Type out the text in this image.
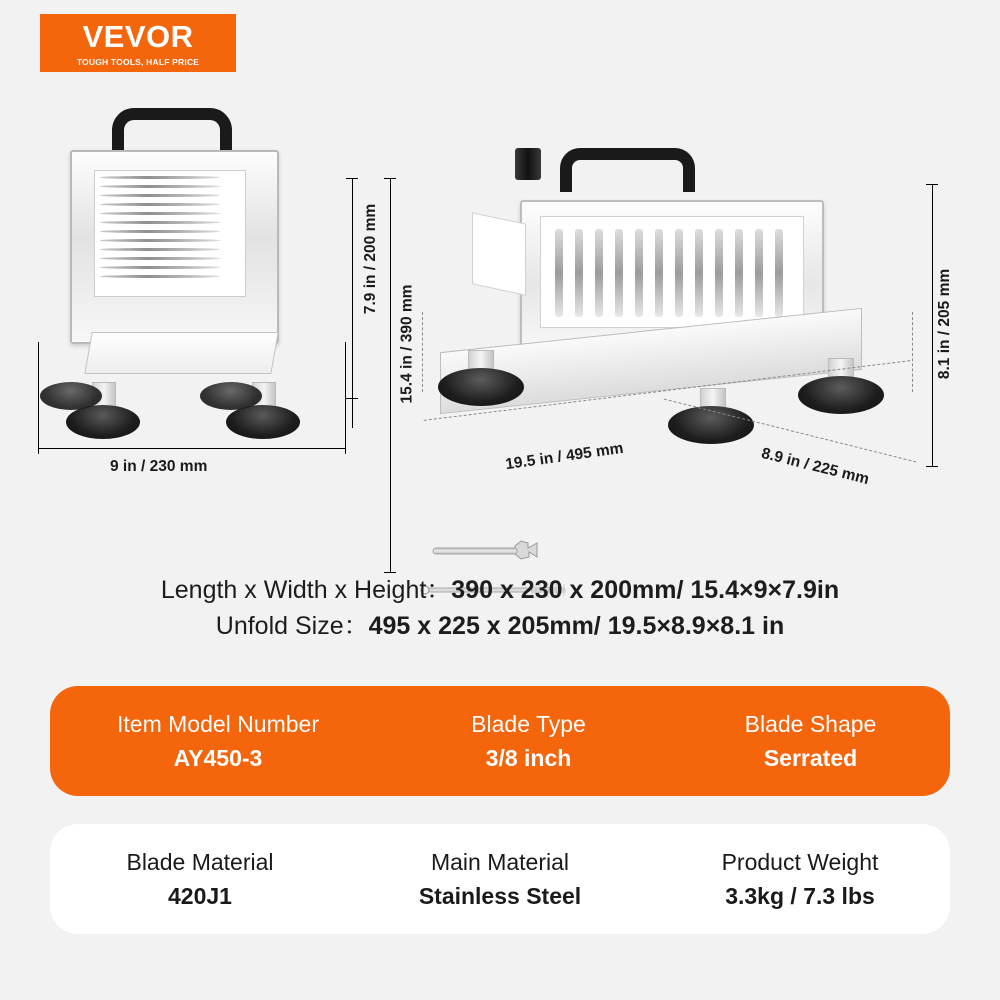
VEVOR
TOUGH TOOLS, HALF PRICE
7.9 in / 200 mm
15.4 in / 390 mm
9 in / 230 mm
8.1 in / 205 mm
19.5 in / 495 mm	8.9 in / 225 mm
Length x Width x Height：390 x 230 x 200mm/ 15.4×9×7.9in
Unfold Size：495 x 225 x 205mm/ 19.5×8.9×8.1 in
Item Model Number
AY450-3
Blade Type
3/8 inch
Blade Shape
Serrated
Blade Material
420J1
Main Material
Stainless Steel
Product Weight
3.3kg / 7.3 lbs
